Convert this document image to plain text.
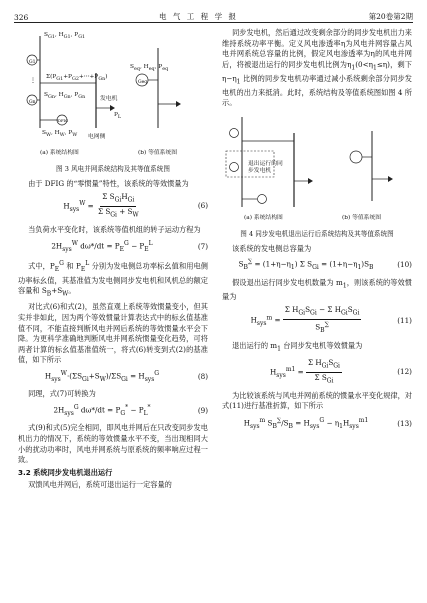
326	电 气 工 程 学 报	第20卷第2期
G1
Gn
⋮
DFIG
Geq
$S_{G1}$, $H_{G1}$, $P_{G1}$
$S_{Gn}$, $H_{Gn}$, $P_{Gn}$
$\Sigma(P_{G1}+P_{G2}+\cdots+P_{Gn})$
$S_W$, $H_W$, $P_W$
发电机
$P_L$
电网侧
$S_{eq}$, $H_{eq}$, $P_{eq}$
(a) 系统结构图	(b) 等值系统图
图 3 风电并网系统结构及其等值系统图

由于 DFIG 的“零惯量”特性，该系统的等效惯量为

$H_{sys}^W = \frac{\Sigma S_{Gi}H_{Gi}}{\Sigma S_{Gi} + S_W}$	(6)

当负荷水平变化时，该系统等值机组的转子运动方程为

$2H_{sys}^W$ $d\omega*/dt = P_E^G - P_E^L$	(7)

式中，$P_E^G$ 和 $P_E^L$ 分别为发电侧总功率标幺值和用电侧功率标幺值，其基准值为发电侧同步发电机和风机总的额定容量和 $S_B+S_W$。

对比式(6)和式(2)，虽然直观上系统等效惯量变小，但其实并非如此，因为两个等效惯量计算表达式中的标幺值基准值不同，不能直接判断风电并网后系统的等效惯量水平会下降。为更科学准确地判断风电并网系统惯量变化趋势，可将两者计算的标幺值基准值统一，将式(6)转变到式(2)的基准值，如下所示

$H_{sys}^W\cdot(\Sigma S_{Gi}+S_W)/\Sigma S_{Gi} = H_{sys}^G$	(8)

同理，式(7)可转换为

$2H_{sys}^G$ $d\omega*/dt = P_G^* - P_L^*$	(9)

式(9)和式(5)完全相同，即风电并网后在只改变同步发电机出力的情况下，系统的等效惯量水平不变，当出现相同大小的扰动功率时，风电并网系统与原系统的频率响应过程一致。

3.2 系统同步发电机退出运行

双馈风电并网后，系统可退出运行一定容量的

同步发电机，然后通过改变剩余部分的同步发电机出力来维持系统功率平衡。定义风电渗透率η为风电并网容量占风电并网系统总容量的比例，假定风电渗透率为η的风电并网后，将被退出运行的同步发电机比例为$\eta_1(0<\eta_1\le\eta)$，剩下 $\eta-\eta_1$ 比例的同步发电机功率通过减小系统剩余部分同步发电机的出力来抵消。此时，系统结构及等值系统图如图 4 所示。

退出运行的同步发电机
(a) 系统结构图	(b) 等值系统图
图 4 同步发电机退出运行后系统结构及其等值系统图

该系统的发电侧总容量为

$S_B^\sum = (1+\eta-\eta_1)$ Σ $S_{Gi} = (1+\eta-\eta_1)S_B$	(10)

假设退出运行同步发电机数量为 $m_1$，则该系统的等效惯量为

$H_{sys}^m = \frac{\Sigma H_{Gi}S_{Gi} - \Sigma H_{Gi}S_{Gi}}{S_B^\sum}$	(11)

退出运行的 $m_1$ 台同步发电机等效惯量为

$H_{sys}^{m1} = \frac{\Sigma H_{Gi}S_{Gi}}{\Sigma S_{Gi}}$	(12)

为比较该系统与风电并网前系统的惯量水平变化规律，对式(11)进行基准折算，如下所示

$H_{sys}^m$ $S_B^\sum/S_B = H_{sys}^G - \eta_1H_{sys}^{m1}$	(13)
